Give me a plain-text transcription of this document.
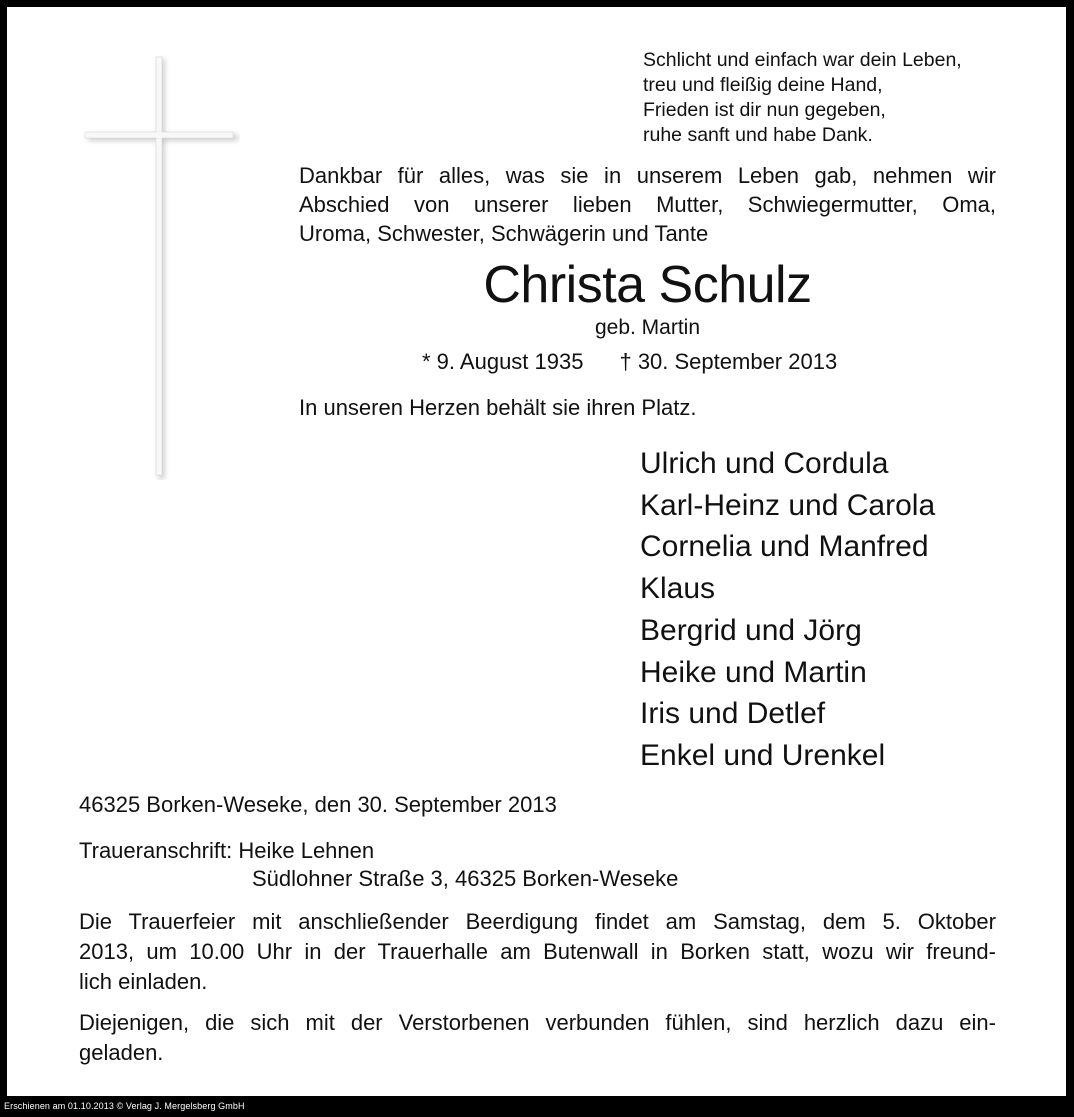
Schlicht und einfach war dein Leben,
treu und fleißig deine Hand,
Frieden ist dir nun gegeben,
ruhe sanft und habe Dank.
Dankbar für alles, was sie in unserem Leben gab, nehmen wir
Abschied von unserer lieben Mutter, Schwiegermutter, Oma,
Uroma, Schwester, Schwägerin und Tante
Christa Schulz
geb. Martin
* 9. August 1935 † 30. September 2013
In unseren Herzen behält sie ihren Platz.
Ulrich und Cordula
Karl-Heinz und Carola
Cornelia und Manfred
Klaus
Bergrid und Jörg
Heike und Martin
Iris und Detlef
Enkel und Urenkel
46325 Borken-Weseke, den 30. September 2013
Traueranschrift: Heike Lehnen
Südlohner Straße 3, 46325 Borken-Weseke
Die Trauerfeier mit anschließender Beerdigung findet am Samstag, dem 5. Oktober
2013, um 10.00 Uhr in der Trauerhalle am Butenwall in Borken statt, wozu wir freund-
lich einladen.
Diejenigen, die sich mit der Verstorbenen verbunden fühlen, sind herzlich dazu ein-
geladen.
Erschienen am 01.10.2013 © Verlag J. Mergelsberg GmbH
